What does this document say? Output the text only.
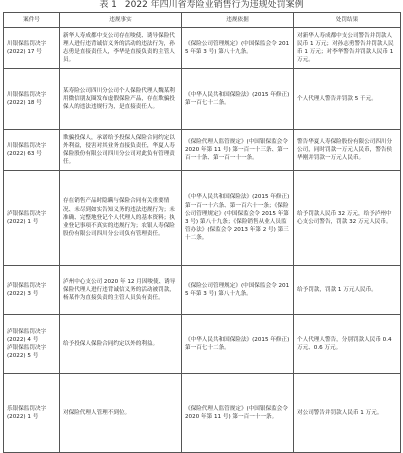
表 1 2022 年四川省寿险业销售行为违规处罚案例
案件号	违规事实	违规依据	处罚结果

川银保监罚决字
(2022) 17 号	新华人寿成都中支公司存在唆使、诱导保险代理人进行违背诚信义务的活动的违法行为，孙志勇是直接责任人，李华是直接负责的主管人员。	《保险公司管理规定》(中国保监会令 2015 年第 3 号) 第八十九条。	对新华人寿成都中支公司警告并罚款人民币 1 万元；对孙志勇警告并罚款人民币 1 万元；对李华警告并罚款人民币 1 万元。

川银保监罚决字
(2022) 18 号	某寿险公司四川分公司个人保险代理人魏某利用微信朋友圈发布虚假保险产品，存在欺骗投保人的违法违规行为，是直接责任人。	《中华人民共和国保险法》(2015 年修正) 第一百七十二条。	个人代理人警告并罚款 5 千元。

川银保监罚决字
(2022) 63 号	欺骗投保人，承诺给予投保人保险合同约定以外利益，侵害对其业务直接负责任，华夏人寿保险股份有限公司四川分公司对此负有管理责任。	《保险代理人监管规定》(中国银保监会令 2020 年第 11 号) 第一百一十三条、第一百一十条、第一百一十一条。	警告华夏人寿保险股份有限公司四川分公司，同时罚款一万元人民币，警告侯华刚并罚款一万元人民币。

泸银保监罚决字
(2022) 1 号	存在销售产品时隐瞒与保险合同有关重要情况、未尽到如实告知义务的违法违规行为；未准确、完整地登记个人代理人的基本资料；执业登记事项不真实的违规行为；农银人寿保险股份有限公司四川分公司负有管理责任。	《中华人民共和国保险法》(2015 年修正) 第一百一十六条、第一百六十一条；《保险公司管理规定》(中国保监会令 2015 年第 3 号) 第八十九条；《保险销售从业人员监管办法》(保监会令 2013 年第 2 号) 第三十二条。	给予罚款人民币 32 万元，给予泸州中心支公司警告，罚款 32 万元人民币。

泸银保监罚决字
(2022) 3 号	泸州中心支公司 2020 年 12 月因唆使、诱导保险代理人进行违背诚信义务的活动被罚款，杨某作为直接负责的主管人员负有责任。	《保险公司管理规定》(中国保监会令 2015 年第 3 号) 第八十九条。	给予罚款，罚款 1 万元人民币。

泸银保监罚决字
(2022) 4 号
泸银保监罚决字
(2022) 5 号	给予投保人保险合同约定以外的利益。	《中华人民共和国保险法》(2015 年修正) 第一百七十二条。	个人代理人警告，分别罚款人民币 0.4 万元、0.6 万元。

乐银保监罚决字
(2022) 1 号	对保险代理人管理不到位。	《保险代理人监管规定》(中国银保监会令 2020 年第 11 号) 第一百一十一条。	对公司警告并罚款人民币 1 万元。
